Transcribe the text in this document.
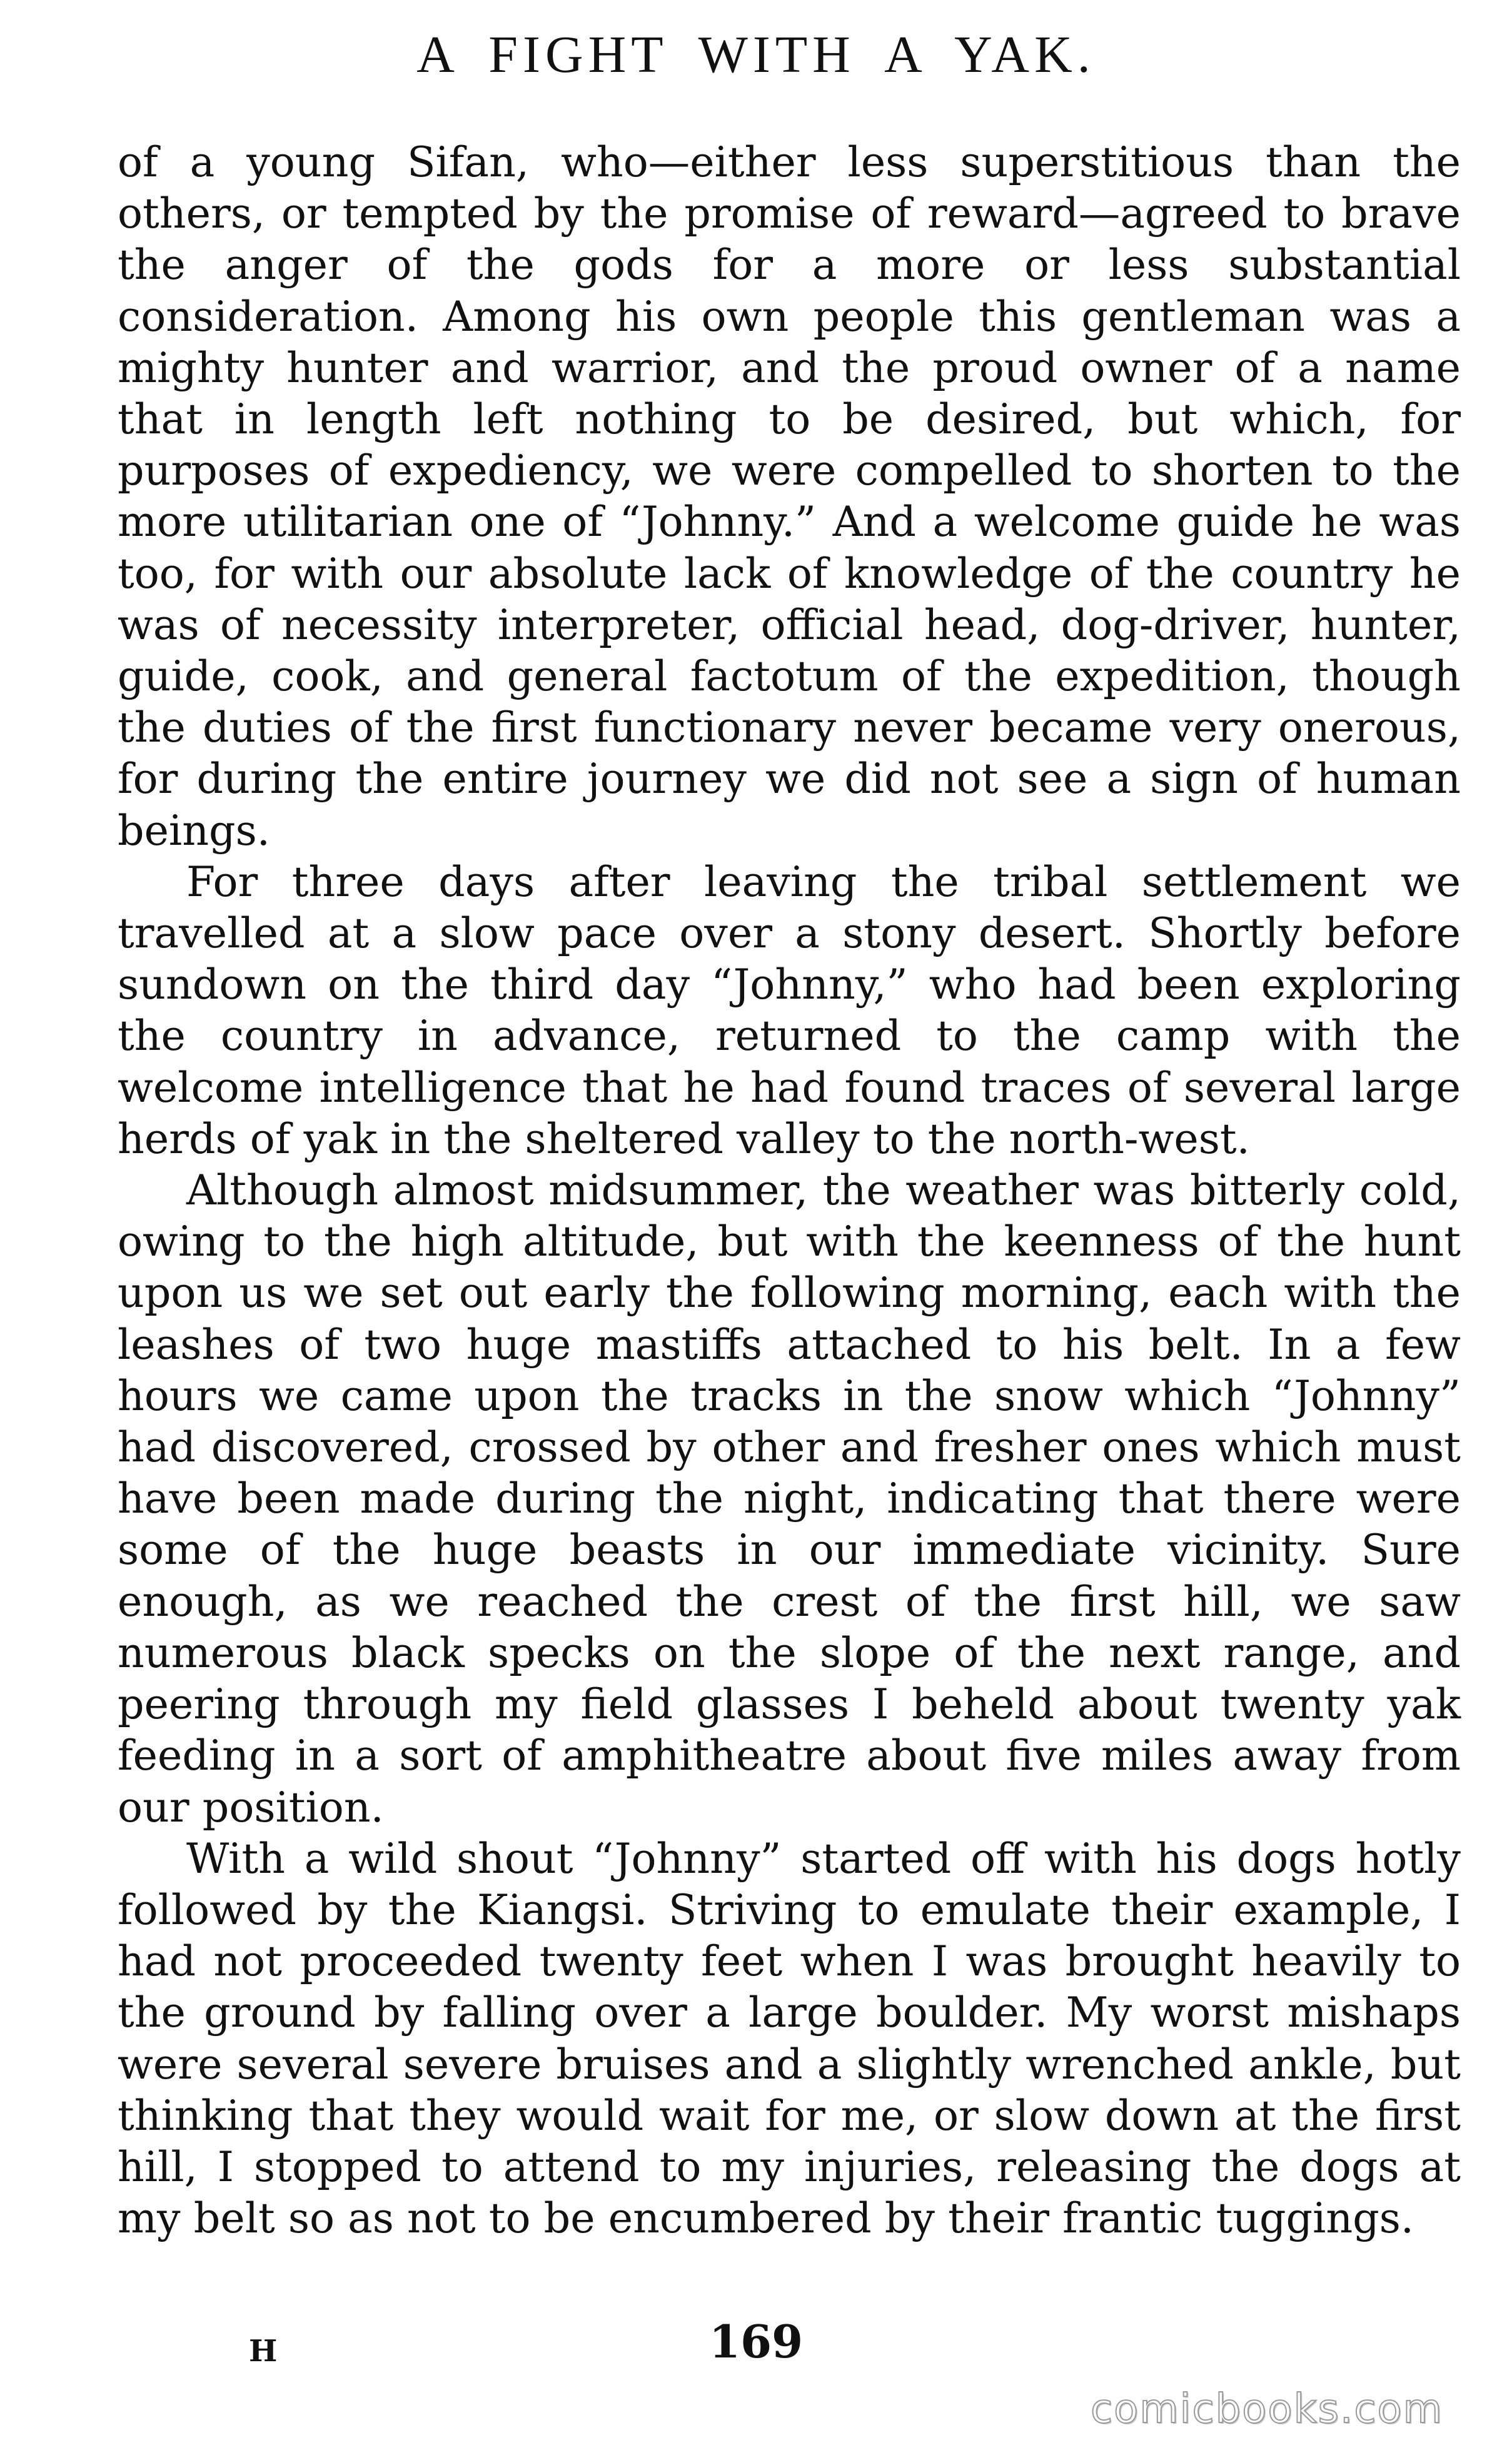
A FIGHT WITH A YAK.

of a young Sifan, who—either less superstitious than the others, or tempted by the promise of reward—agreed to brave the anger of the gods for a more or less substantial consideration. Among his own people this gentleman was a mighty hunter and warrior, and the proud owner of a name that in length left nothing to be desired, but which, for purposes of expediency, we were compelled to shorten to the more utilitarian one of “Johnny.” And a welcome guide he was too, for with our absolute lack of knowledge of the country he was of necessity interpreter, official head, dog-driver, hunter, guide, cook, and general factotum of the expedition, though the duties of the first functionary never became very onerous, for during the entire journey we did not see a sign of human beings.

For three days after leaving the tribal settlement we travelled at a slow pace over a stony desert. Shortly before sundown on the third day “Johnny,” who had been exploring the country in advance, returned to the camp with the welcome intelligence that he had found traces of several large herds of yak in the sheltered valley to the north-west.

Although almost midsummer, the weather was bitterly cold, owing to the high altitude, but with the keenness of the hunt upon us we set out early the following morning, each with the leashes of two huge mastiffs attached to his belt. In a few hours we came upon the tracks in the snow which “Johnny” had discovered, crossed by other and fresher ones which must have been made during the night, indicating that there were some of the huge beasts in our immediate vicinity. Sure enough, as we reached the crest of the first hill, we saw numerous black specks on the slope of the next range, and peering through my field glasses I beheld about twenty yak feeding in a sort of amphitheatre about five miles away from our position.

With a wild shout “Johnny” started off with his dogs hotly followed by the Kiangsi. Striving to emulate their example, I had not proceeded twenty feet when I was brought heavily to the ground by falling over a large boulder. My worst mishaps were several severe bruises and a slightly wrenched ankle, but thinking that they would wait for me, or slow down at the first hill, I stopped to attend to my injuries, releasing the dogs at my belt so as not to be encumbered by their frantic tuggings.

H	169
comicbooks.com
